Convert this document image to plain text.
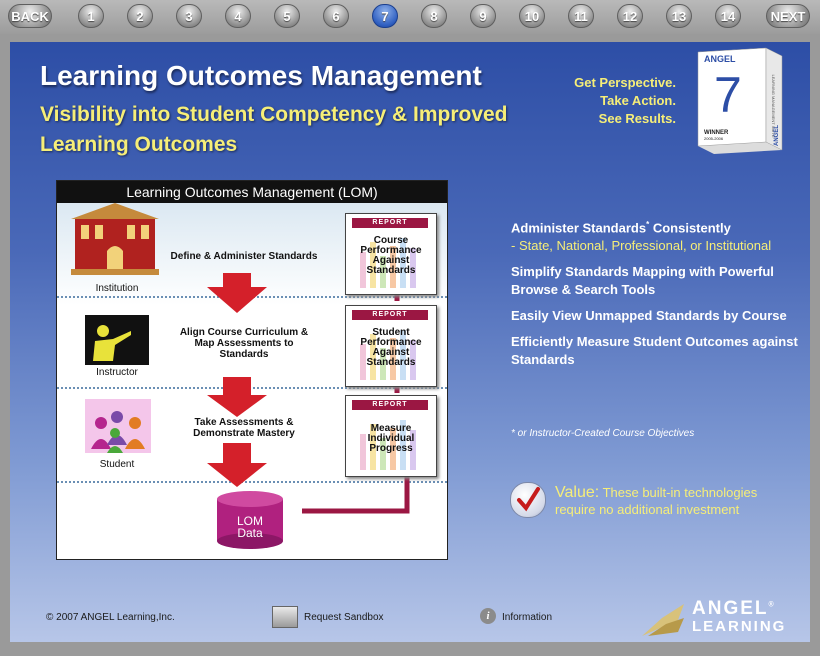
BACK	1	2	3	4	5	6	7	8	9	10	11	12	13	14	NEXT
Learning Outcomes Management
Visibility into Student Competency & Improved Learning Outcomes
Get Perspective.
Take Action.
See Results.
ANGEL
7
WINNER
2005-2006
LEARNING MANAGEMENT SUITE
ANGEL
Learning Outcomes Management (LOM)
Institution
Instructor
Student
Define & Administer Standards
Align Course Curriculum & Map Assessments to Standards
Take Assessments & Demonstrate Mastery
REPORT
Course Performance Against Standards
REPORT
Student Performance Against Standards
REPORT
Measure Individual Progress
LOM
Data
Administer Standards* Consistently
- State, National, Professional, or Institutional
Simplify Standards Mapping with Powerful Browse & Search Tools
Easily View Unmapped Standards by Course
Efficiently Measure Student Outcomes against Standards
* or Instructor-Created Course Objectives
Value: These built-in technologies require no additional investment
© 2007 ANGEL Learning,Inc.	Request Sandbox	i	Information	ANGEL®
LEARNING
